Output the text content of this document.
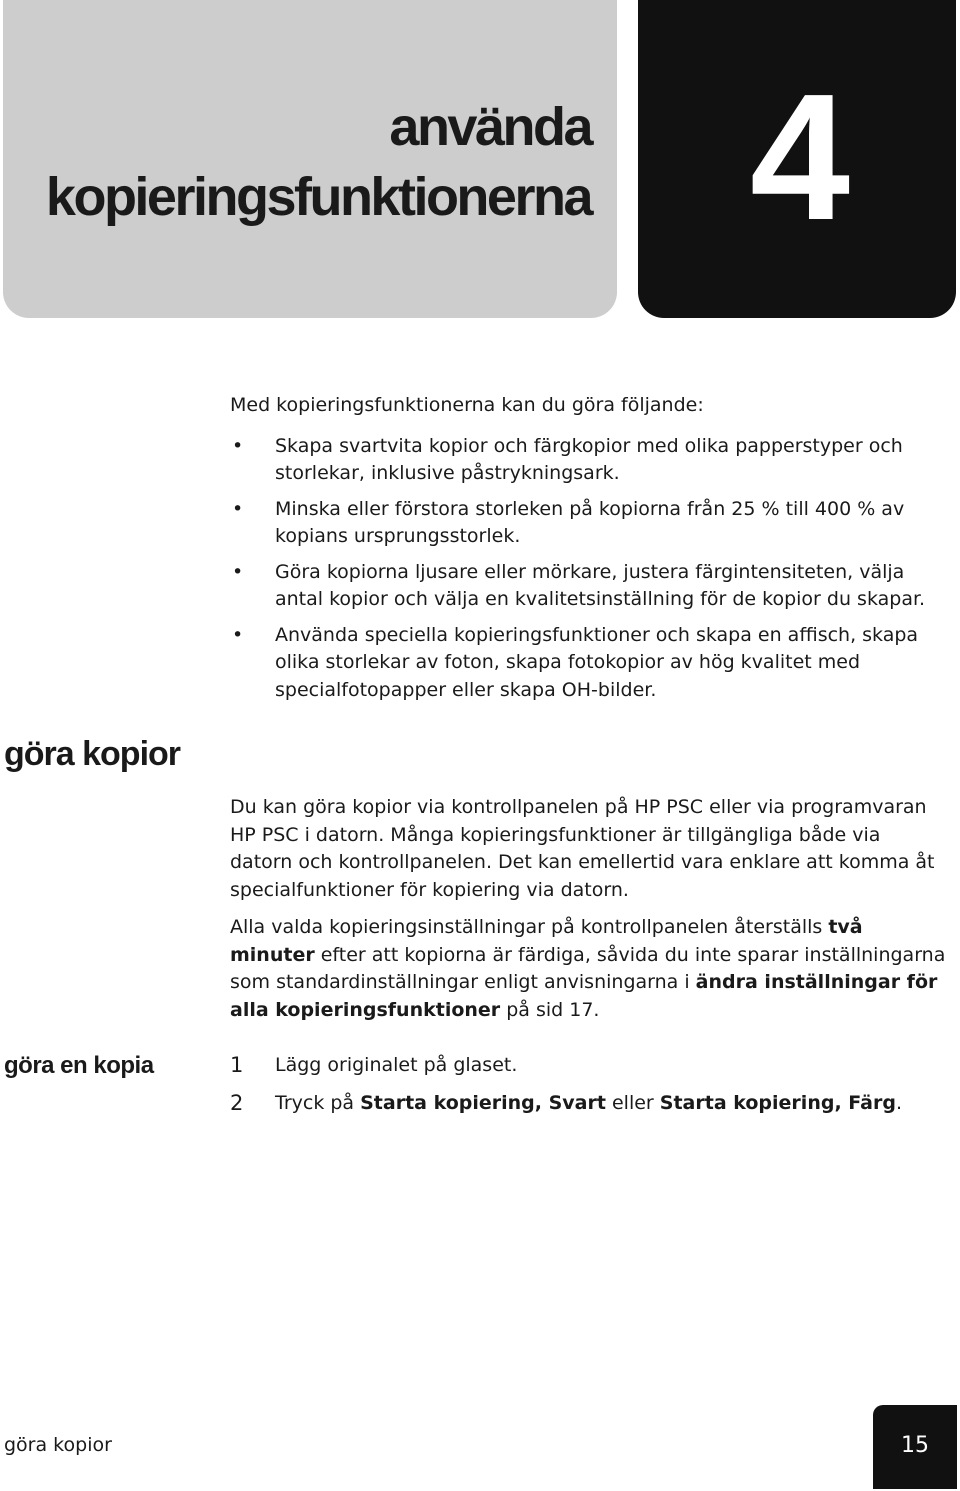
använda
kopieringsfunktionerna 4

Med kopieringsfunktionerna kan du göra följande:

• Skapa svartvita kopior och färgkopior med olika papperstyper och storlekar, inklusive påstrykningsark.
• Minska eller förstora storleken på kopiorna från 25 % till 400 % av kopians ursprungsstorlek.
• Göra kopiorna ljusare eller mörkare, justera färgintensiteten, välja antal kopior och välja en kvalitetsinställning för de kopior du skapar.
• Använda speciella kopieringsfunktioner och skapa en affisch, skapa olika storlekar av foton, skapa fotokopior av hög kvalitet med specialfotopapper eller skapa OH-bilder.
göra kopior

Du kan göra kopior via kontrollpanelen på HP PSC eller via programvaran HP PSC i datorn. Många kopieringsfunktioner är tillgängliga både via datorn och kontrollpanelen. Det kan emellertid vara enklare att komma åt specialfunktioner för kopiering via datorn.

Alla valda kopieringsinställningar på kontrollpanelen återställs två minuter efter att kopiorna är färdiga, såvida du inte sparar inställningarna som standardinställningar enligt anvisningarna i ändra inställningar för alla kopieringsfunktioner på sid 17.

göra en kopia	1 Lägg originalet på glaset.
2 Tryck på Starta kopiering, Svart eller Starta kopiering, Färg.
göra kopior	15
